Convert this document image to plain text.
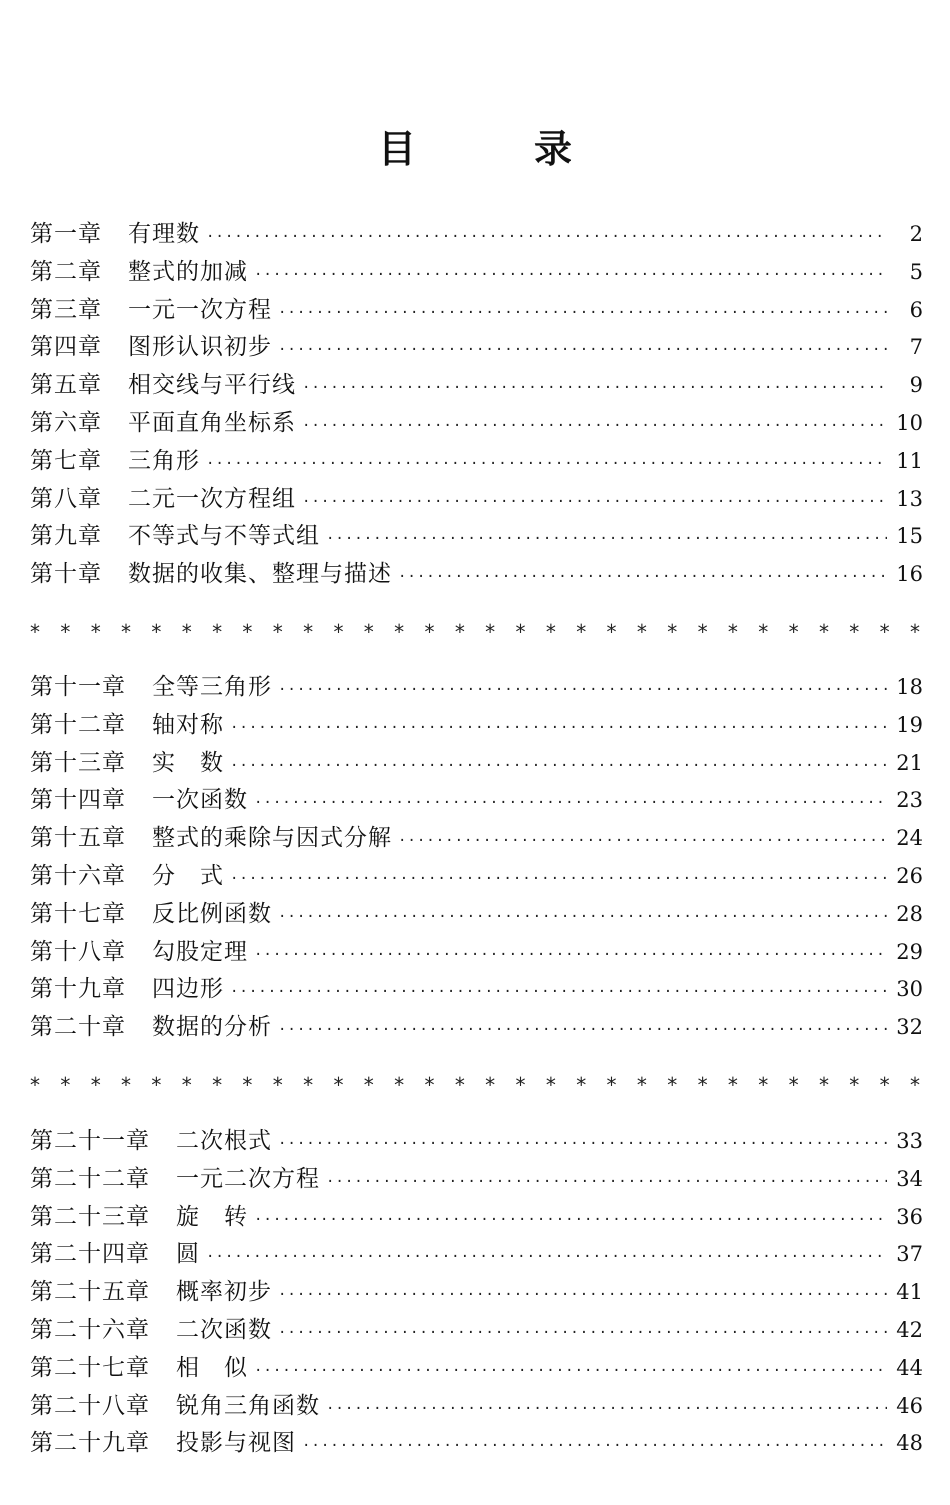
目　录
第一章 有理数 ·····	2
第二章 整式的加减 ·····	5
第三章 一元一次方程 ·····	6
第四章 图形认识初步 ·····	7
第五章 相交线与平行线 ·····	9
第六章 平面直角坐标系 ·····	10
第七章 三角形 ·····	11
第八章 二元一次方程组 ·····	13
第九章 不等式与不等式组 ·····	15
第十章 数据的收集、整理与描述 ·····	16
* * * * * * * * * * * * * * * * * * * * * * * * * * * * * *
第十一章 全等三角形 ·····	18
第十二章 轴对称 ·····	19
第十三章 实　数 ·····	21
第十四章 一次函数 ·····	23
第十五章 整式的乘除与因式分解 ·····	24
第十六章 分　式 ·····	26
第十七章 反比例函数 ·····	28
第十八章 勾股定理 ·····	29
第十九章 四边形 ·····	30
第二十章 数据的分析 ·····	32
* * * * * * * * * * * * * * * * * * * * * * * * * * * * * *
第二十一章 二次根式 ·····	33
第二十二章 一元二次方程 ·····	34
第二十三章 旋　转 ·····	36
第二十四章 圆 ·····	37
第二十五章 概率初步 ·····	41
第二十六章 二次函数 ·····	42
第二十七章 相　似 ·····	44
第二十八章 锐角三角函数 ·····	46
第二十九章 投影与视图 ·····	48
